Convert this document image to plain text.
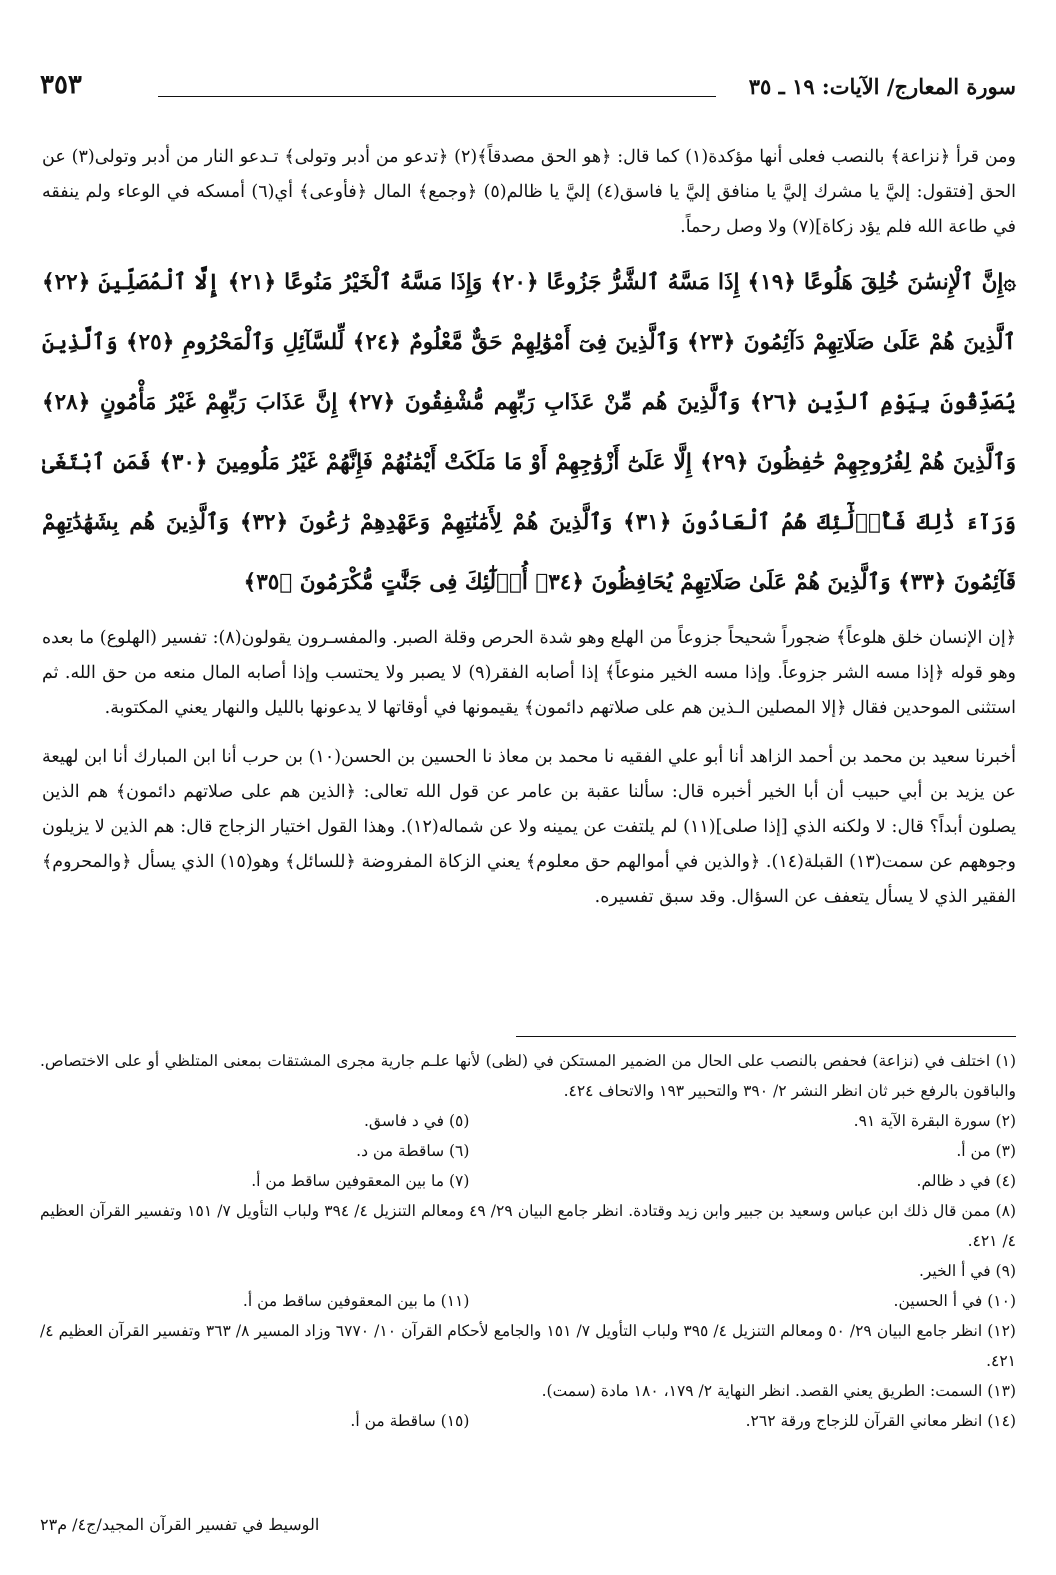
سورة المعارج/ الآيات: ١٩ ـ ٣٥
٣٥٣

ومن قرأ ﴿نزاعة﴾ بالنصب فعلى أنها مؤكدة(١) كما قال: ﴿هو الحق مصدقاً﴾(٢) ﴿تدعو من أدبر وتولى﴾ تـدعو النار من أدبر وتولى(٣) عن الحق [فتقول: إليَّ يا مشرك إليَّ يا منافق إليَّ يا فاسق(٤) إليَّ يا ظالم(٥) ﴿وجمع﴾ المال ﴿فأوعى﴾ أي(٦) أمسكه في الوعاء ولم ينفقه في طاعة الله فلم يؤد زكاة](٧) ولا وصل رحماً.

۞إِنَّ ٱلْإِنسَٰنَ خُلِقَ هَلُوعًا ﴿١٩﴾ إِذَا مَسَّهُ ٱلشَّرُّ جَزُوعًا ﴿٢٠﴾ وَإِذَا مَسَّهُ ٱلْخَيْرُ مَنُوعًا ﴿٢١﴾ إِلَّا ٱلْمُصَلِّينَ ﴿٢٢﴾ ٱلَّذِينَ هُمْ عَلَىٰ صَلَاتِهِمْ دَآئِمُونَ ﴿٢٣﴾ وَٱلَّذِينَ فِىٓ أَمْوَٰلِهِمْ حَقٌّ مَّعْلُومٌ ﴿٢٤﴾ لِّلسَّآئِلِ وَٱلْمَحْرُومِ ﴿٢٥﴾ وَٱلَّذِينَ يُصَدِّقُونَ بِيَوْمِ ٱلدِّينِ ﴿٢٦﴾ وَٱلَّذِينَ هُم مِّنْ عَذَابِ رَبِّهِم مُّشْفِقُونَ ﴿٢٧﴾ إِنَّ عَذَابَ رَبِّهِمْ غَيْرُ مَأْمُونٍ ﴿٢٨﴾ وَٱلَّذِينَ هُمْ لِفُرُوجِهِمْ حَٰفِظُونَ ﴿٢٩﴾ إِلَّا عَلَىٰٓ أَزْوَٰجِهِمْ أَوْ مَا مَلَكَتْ أَيْمَٰنُهُمْ فَإِنَّهُمْ غَيْرُ مَلُومِينَ ﴿٣٠﴾ فَمَنِ ٱبْتَغَىٰ وَرَآءَ ذَٰلِكَ فَأُو۟لَٰٓئِكَ هُمُ ٱلْعَادُونَ ﴿٣١﴾ وَٱلَّذِينَ هُمْ لِأَمَٰنَٰتِهِمْ وَعَهْدِهِمْ رَٰعُونَ ﴿٣٢﴾ وَٱلَّذِينَ هُم بِشَهَٰدَٰتِهِمْ قَآئِمُونَ ﴿٣٣﴾ وَٱلَّذِينَ هُمْ عَلَىٰ صَلَاتِهِمْ يُحَافِظُونَ ﴿٣٤﴾ أُو۟لَٰٓئِكَ فِى جَنَّٰتٍ مُّكْرَمُونَ ﴿٣٥﴾

﴿إن الإنسان خلق هلوعاً﴾ ضجوراً شحيحاً جزوعاً من الهلع وهو شدة الحرص وقلة الصبر. والمفسـرون يقولون(٨): تفسير (الهلوع) ما بعده وهو قوله ﴿إذا مسه الشر جزوعاً. وإذا مسه الخير منوعاً﴾ إذا أصابه الفقر(٩) لا يصبر ولا يحتسب وإذا أصابه المال منعه من حق الله. ثم استثنى الموحدين فقال ﴿إلا المصلين الـذين هم على صلاتهم دائمون﴾ يقيمونها في أوقاتها لا يدعونها بالليل والنهار يعني المكتوبة.

أخبرنا سعيد بن محمد بن أحمد الزاهد أنا أبو علي الفقيه نا محمد بن معاذ نا الحسين بن الحسن(١٠) بن حرب أنا ابن المبارك أنا ابن لهيعة عن يزيد بن أبي حبيب أن أبا الخير أخبره قال: سألنا عقبة بن عامر عن قول الله تعالى: ﴿الذين هم على صلاتهم دائمون﴾ هم الذين يصلون أبداً؟ قال: لا ولكنه الذي [إذا صلى](١١) لم يلتفت عن يمينه ولا عن شماله(١٢). وهذا القول اختيار الزجاج قال: هم الذين لا يزيلون وجوههم عن سمت(١٣) القبلة(١٤). ﴿والذين في أموالهم حق معلوم﴾ يعني الزكاة المفروضة ﴿للسائل﴾ وهو(١٥) الذي يسأل ﴿والمحروم﴾ الفقير الذي لا يسأل يتعفف عن السؤال. وقد سبق تفسيره.

(١) اختلف في (نزاعة) فحفص بالنصب على الحال من الضمير المستكن في (لظى) لأنها علـم جارية مجرى المشتقات بمعنى المتلظي أو على الاختصاص. والباقون بالرفع خبر ثان انظر النشر ٢/ ٣٩٠ والتحبير ١٩٣ والاتحاف ٤٢٤.

(٢) سورة البقرة الآية ٩١.
(٥) في د فاسق.
(٣) من أ.
(٦) ساقطة من د.
(٤) في د ظالم.
(٧) ما بين المعقوفين ساقط من أ.

(٨) ممن قال ذلك ابن عباس وسعيد بن جبير وابن زيد وقتادة. انظر جامع البيان ٢٩/ ٤٩ ومعالم التنزيل ٤/ ٣٩٤ ولباب التأويل ٧/ ١٥١ وتفسير القرآن العظيم ٤/ ٤٢١.

(٩) في أ الخير.

(١٠) في أ الحسين.
(١١) ما بين المعقوفين ساقط من أ.

(١٢) انظر جامع البيان ٢٩/ ٥٠ ومعالم التنزيل ٤/ ٣٩٥ ولباب التأويل ٧/ ١٥١ والجامع لأحكام القرآن ١٠/ ٦٧٧٠ وزاد المسير ٨/ ٣٦٣ وتفسير القرآن العظيم ٤/ ٤٢١.

(١٣) السمت: الطريق يعني القصد. انظر النهاية ٢/ ١٧٩، ١٨٠ مادة (سمت).

(١٤) انظر معاني القرآن للزجاج ورقة ٢٦٢.
(١٥) ساقطة من أ.
الوسيط في تفسير القرآن المجيد/ج٤/ م٢٣
